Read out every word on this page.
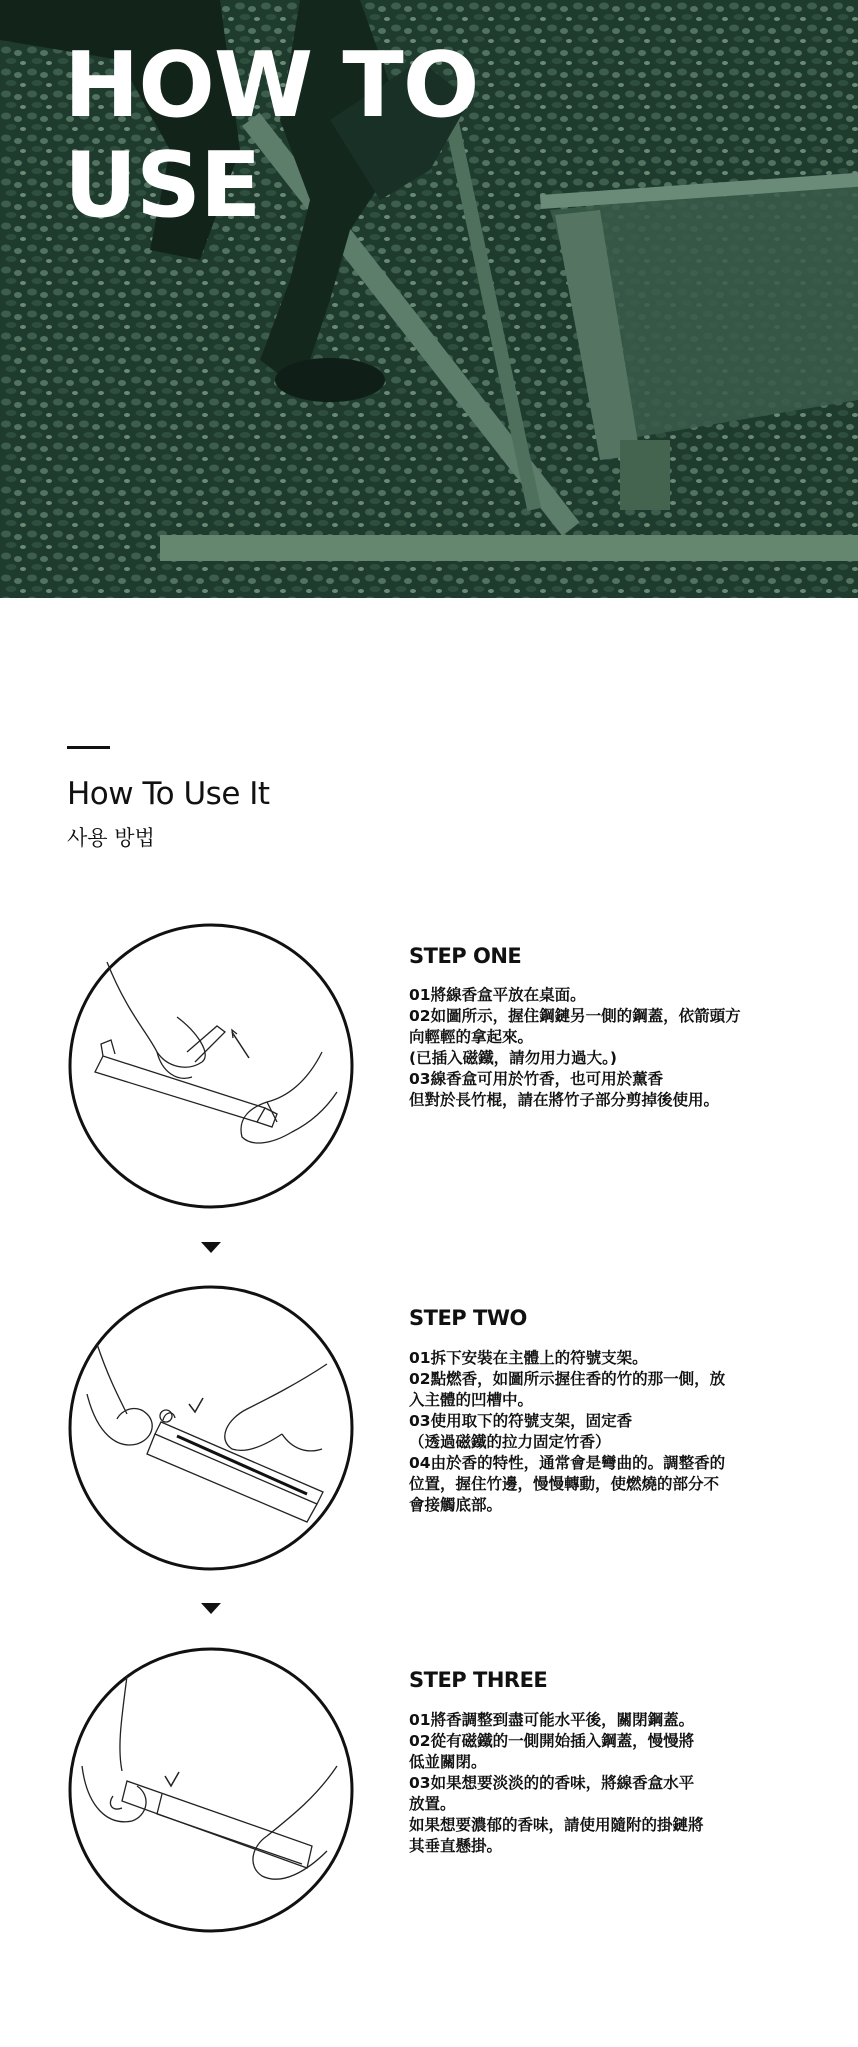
HOW TO
USE
How To Use It
사용 방법
STEP ONE

01將線香盒平放在桌面。

02如圖所示，握住鋼鏈另一側的鋼蓋，依箭頭方

向輕輕的拿起來。

(已插入磁鐵，請勿用力過大。)

03線香盒可用於竹香，也可用於薰香

但對於長竹棍，請在將竹子部分剪掉後使用。

STEP TWO

01拆下安裝在主體上的符號支架。

02點燃香，如圖所示握住香的竹的那一側，放

入主體的凹槽中。

03使用取下的符號支架，固定香

（透過磁鐵的拉力固定竹香）

04由於香的特性，通常會是彎曲的。調整香的

位置，握住竹邊，慢慢轉動，使燃燒的部分不

會接觸底部。

STEP THREE

01將香調整到盡可能水平後，關閉鋼蓋。

02從有磁鐵的一側開始插入鋼蓋，慢慢將

低並關閉。

03如果想要淡淡的的香味，將線香盒水平

放置。

如果想要濃郁的香味，請使用隨附的掛鏈將

其垂直懸掛。
